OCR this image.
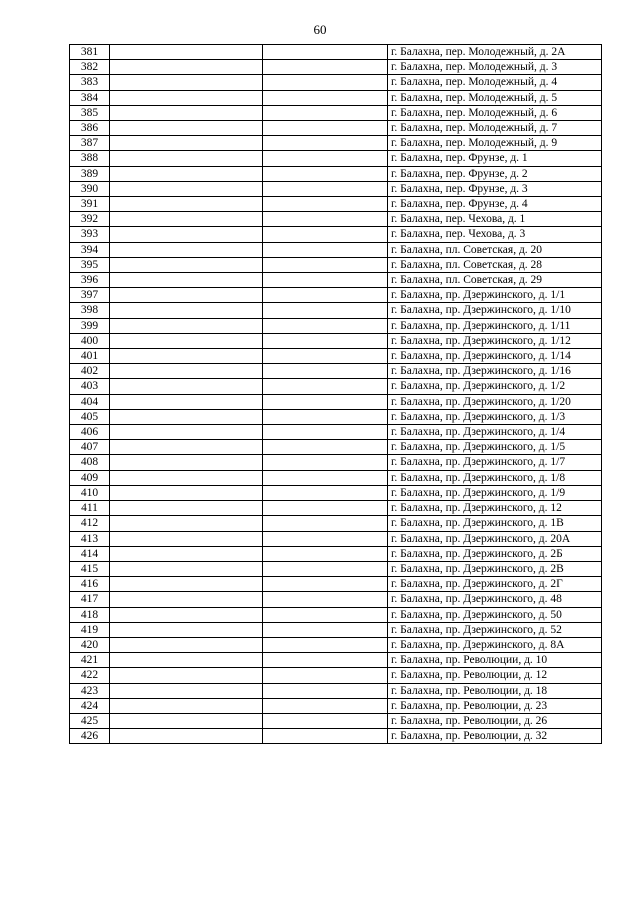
60
381			г. Балахна, пер. Молодежный, д. 2А
382			г. Балахна, пер. Молодежный, д. 3
383			г. Балахна, пер. Молодежный, д. 4
384			г. Балахна, пер. Молодежный, д. 5
385			г. Балахна, пер. Молодежный, д. 6
386			г. Балахна, пер. Молодежный, д. 7
387			г. Балахна, пер. Молодежный, д. 9
388			г. Балахна, пер. Фрунзе, д. 1
389			г. Балахна, пер. Фрунзе, д. 2
390			г. Балахна, пер. Фрунзе, д. 3
391			г. Балахна, пер. Фрунзе, д. 4
392			г. Балахна, пер. Чехова, д. 1
393			г. Балахна, пер. Чехова, д. 3
394			г. Балахна, пл. Советская, д. 20
395			г. Балахна, пл. Советская, д. 28
396			г. Балахна, пл. Советская, д. 29
397			г. Балахна, пр. Дзержинского, д. 1/1
398			г. Балахна, пр. Дзержинского, д. 1/10
399			г. Балахна, пр. Дзержинского, д. 1/11
400			г. Балахна, пр. Дзержинского, д. 1/12
401			г. Балахна, пр. Дзержинского, д. 1/14
402			г. Балахна, пр. Дзержинского, д. 1/16
403			г. Балахна, пр. Дзержинского, д. 1/2
404			г. Балахна, пр. Дзержинского, д. 1/20
405			г. Балахна, пр. Дзержинского, д. 1/3
406			г. Балахна, пр. Дзержинского, д. 1/4
407			г. Балахна, пр. Дзержинского, д. 1/5
408			г. Балахна, пр. Дзержинского, д. 1/7
409			г. Балахна, пр. Дзержинского, д. 1/8
410			г. Балахна, пр. Дзержинского, д. 1/9
411			г. Балахна, пр. Дзержинского, д. 12
412			г. Балахна, пр. Дзержинского, д. 1В
413			г. Балахна, пр. Дзержинского, д. 20А
414			г. Балахна, пр. Дзержинского, д. 2Б
415			г. Балахна, пр. Дзержинского, д. 2В
416			г. Балахна, пр. Дзержинского, д. 2Г
417			г. Балахна, пр. Дзержинского, д. 48
418			г. Балахна, пр. Дзержинского, д. 50
419			г. Балахна, пр. Дзержинского, д. 52
420			г. Балахна, пр. Дзержинского, д. 8А
421			г. Балахна, пр. Революции, д. 10
422			г. Балахна, пр. Революции, д. 12
423			г. Балахна, пр. Революции, д. 18
424			г. Балахна, пр. Революции, д. 23
425			г. Балахна, пр. Революции, д. 26
426			г. Балахна, пр. Революции, д. 32
